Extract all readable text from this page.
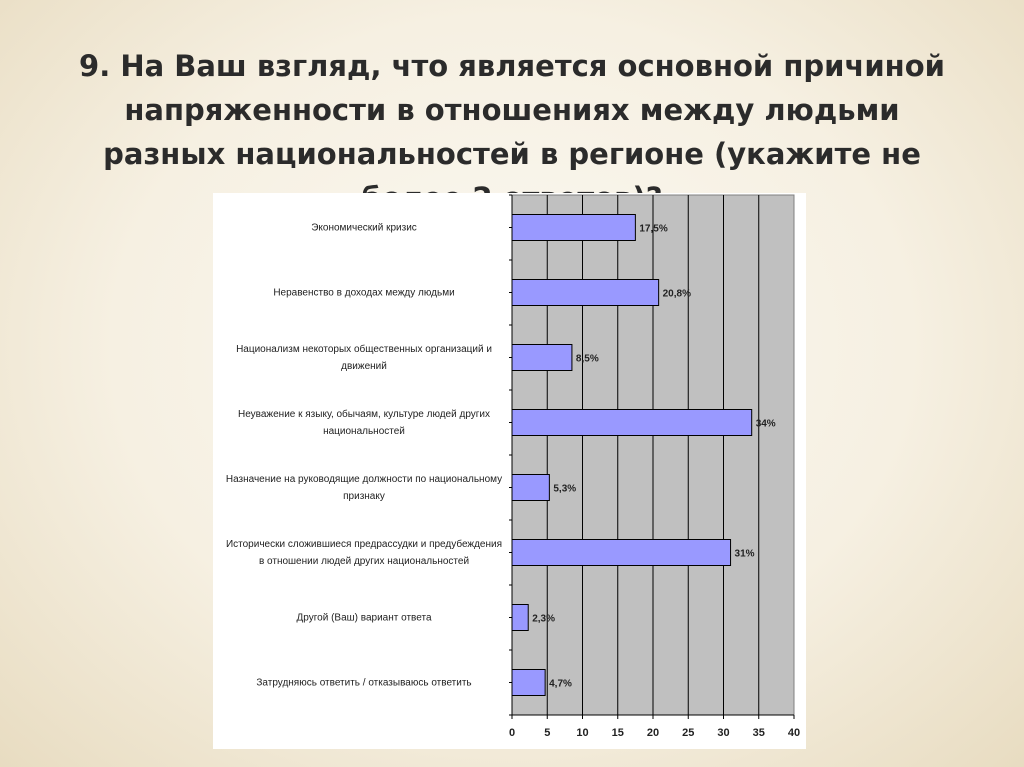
9. На Ваш взгляд, что является основной причиной напряженности в отношениях между людьми разных национальностей в регионе (укажите не
Экономический кризис
Неравенство в доходах между людьми
Национализм некоторых общественных организаций и движений
Неуважение к языку, обычаям, культуре людей других национальностей
Назначение на руководящие должности по национальному признаку
Исторически сложившиеся предрассудки и предубеждения в отношении людей других национальностей
Другой (Ваш) вариант ответа
Затрудняюсь ответить / отказываюсь ответить
0	5 10 15 20 25 30 35 40
17,5%
20,8%
8,5%
34%
5,3%
31%
2,3%
4,7%
